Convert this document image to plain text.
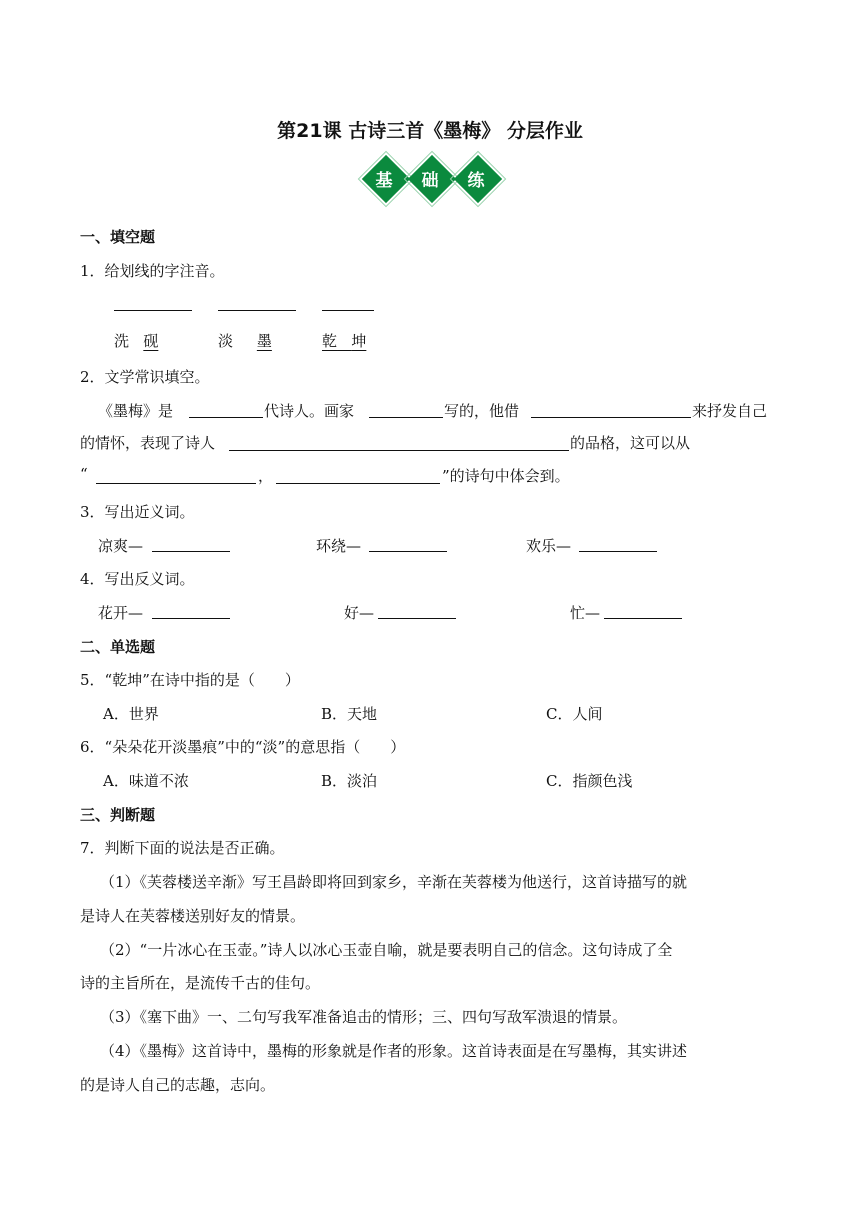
第21课 古诗三首《墨梅》 分层作业
基	础	练
一、填空题
1．给划线的字注音。
洗 砚	淡 墨	乾 坤
2．文学常识填空。
《墨梅》是	代诗人。画家	写的，他借	来抒发自己
的情怀，表现了诗人	的品格，这可以从
“	，	”的诗句中体会到。
3．写出近义词。
凉爽—	环绕—	欢乐—
4．写出反义词。
花开—	好—	忙—
二、单选题
5．“乾坤”在诗中指的是（　　）
A．世界	B．天地	C．人间
6．“朵朵花开淡墨痕”中的“淡”的意思指（　　）
A．味道不浓	B．淡泊	C．指颜色浅
三、判断题
7．判断下面的说法是否正确。
（1）《芙蓉楼送辛渐》写王昌龄即将回到家乡，辛渐在芙蓉楼为他送行，这首诗描写的就
是诗人在芙蓉楼送别好友的情景。
（2）“一片冰心在玉壶。”诗人以冰心玉壶自喻，就是要表明自己的信念。这句诗成了全
诗的主旨所在，是流传千古的佳句。
（3）《塞下曲》一、二句写我军准备追击的情形；三、四句写敌军溃退的情景。
（4）《墨梅》这首诗中，墨梅的形象就是作者的形象。这首诗表面是在写墨梅，其实讲述
的是诗人自己的志趣，志向。
